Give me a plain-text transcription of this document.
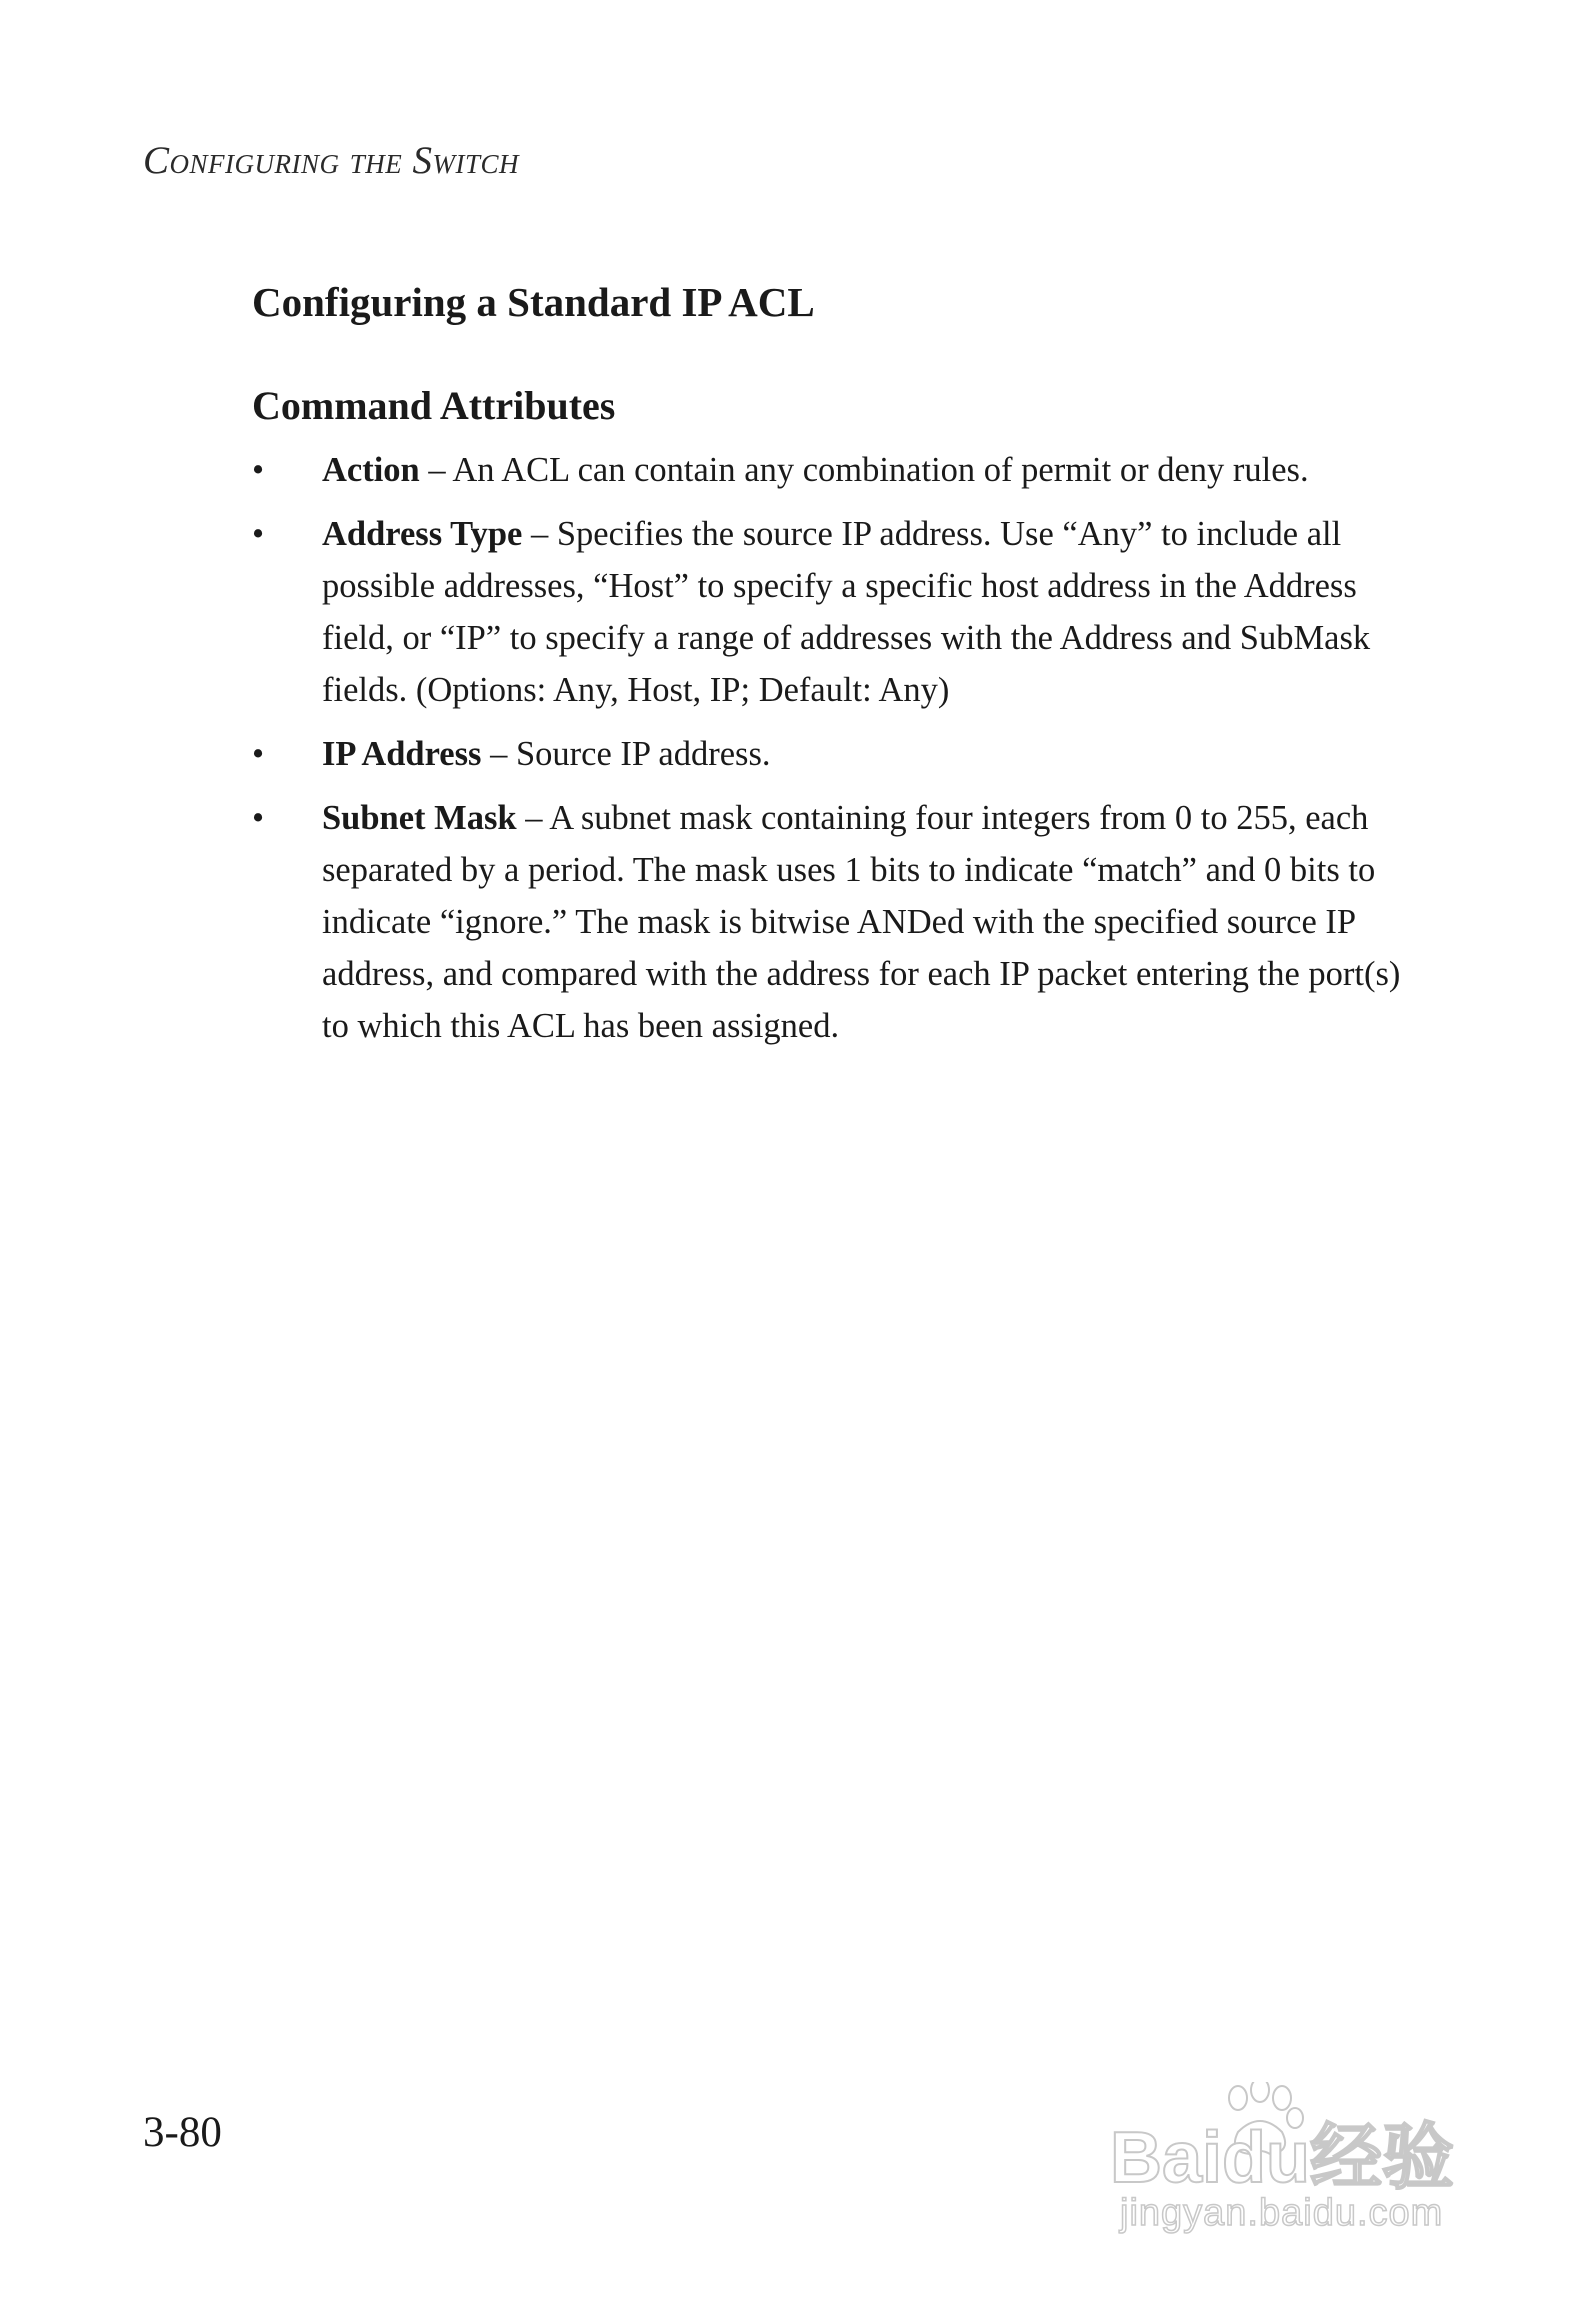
Configuring the Switch
Configuring a Standard IP ACL
Command Attributes
•	Action – An ACL can contain any combination of permit or deny rules.
•	Address Type – Specifies the source IP address. Use “Any” to include all possible addresses, “Host” to specify a specific host address in the Address field, or “IP” to specify a range of addresses with the Address and SubMask fields. (Options: Any, Host, IP; Default: Any)
•	IP Address – Source IP address.
•	Subnet Mask – A subnet mask containing four integers from 0 to 255, each separated by a period. The mask uses 1 bits to indicate “match” and 0 bits to indicate “ignore.” The mask is bitwise ANDed with the specified source IP address, and compared with the address for each IP packet entering the port(s) to which this ACL has been assigned.
3-80	Baidu经验
jingyan.baidu.com
